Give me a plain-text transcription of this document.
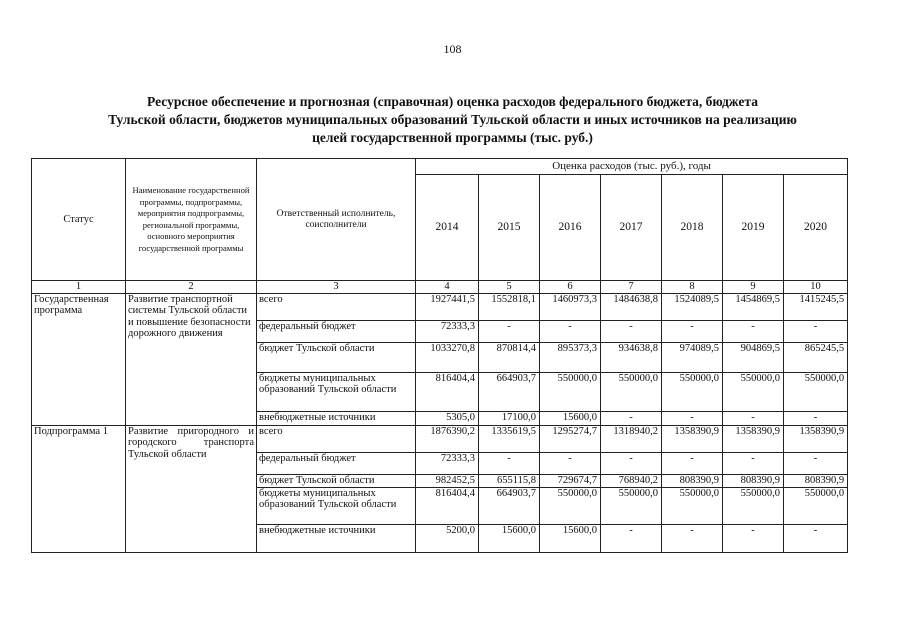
108
Ресурсное обеспечение и прогнозная (справочная) оценка расходов федерального бюджета, бюджета
Тульской области, бюджетов муниципальных образований Тульской области и иных источников на реализацию
целей государственной программы (тыс. руб.)
Статус	Наименование государственной программы, подпрограммы, мероприятия подпрограммы, региональной программы, основного мероприятия государственной программы	Ответственный исполнитель, соисполнители	Оценка расходов (тыс. руб.), годы						
			2014	2015	2016	2017	2018	2019	2020
1	2	3	4	5	6	7	8	9	10
Государственная программа	Развитие транспортной системы Тульской области и повышение безопасности дорожного движения	всего	1927441,5	1552818,1	1460973,3	1484638,8	1524089,5	1454869,5	1415245,5
		федеральный бюджет	72333,3	-	-	-	-	-	-
		бюджет Тульской области	1033270,8	870814,4	895373,3	934638,8	974089,5	904869,5	865245,5
		бюджеты муниципальных образований Тульской области	816404,4	664903,7	550000,0	550000,0	550000,0	550000,0	550000,0
		внебюджетные источники	5305,0	17100,0	15600,0	-	-	-	-
Подпрограмма 1	Развитие пригородного и городского транспорта Тульской области	всего	1876390,2	1335619,5	1295274,7	1318940,2	1358390,9	1358390,9	1358390,9
		федеральный бюджет	72333,3	-	-	-	-	-	-
		бюджет Тульской области	982452,5	655115,8	729674,7	768940,2	808390,9	808390,9	808390,9
		бюджеты муниципальных образований Тульской области	816404,4	664903,7	550000,0	550000,0	550000,0	550000,0	550000,0
		внебюджетные источники	5200,0	15600,0	15600,0	-	-	-	-
